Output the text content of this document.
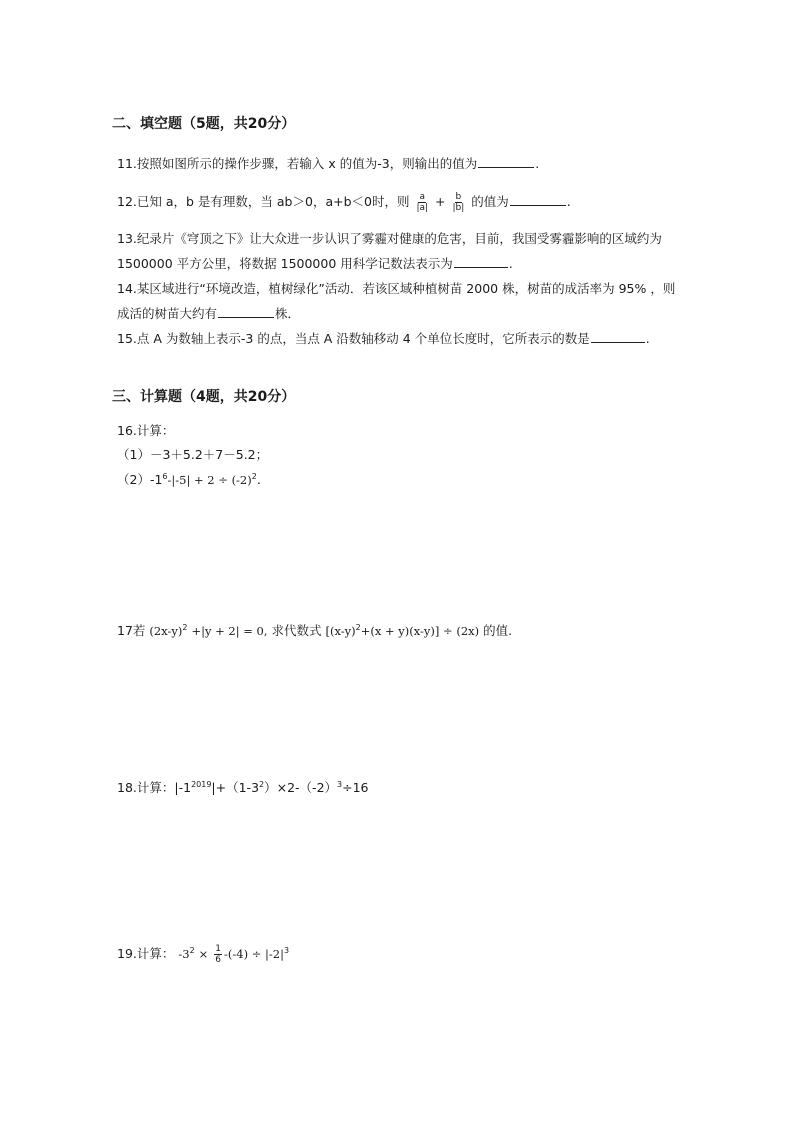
二、填空题（5题，共20分）
11.按照如图所示的操作步骤，若输入 x 的值为-3，则输出的值为	.
12.已知 a，b 是有理数，当 ab＞0，a+b＜0时，则 $\frac{a}{|a|} + \frac{b}{|b|}$ 的值为	.
13.纪录片《穹顶之下》让大众进一步认识了雾霾对健康的危害，目前，我国受雾霾影响的区域约为
1500000 平方公里，将数据 1500000 用科学记数法表示为	.
14.某区域进行“环境改造，植树绿化”活动．若该区域种植树苗 2000 株，树苗的成活率为 95% ，则
成活的树苗大约有	株．
15.点 A 为数轴上表示-3 的点，当点 A 沿数轴移动 4 个单位长度时，它所表示的数是	.
三、计算题（4题，共20分）
16.计算：
（1）－3＋5.2＋7－5.2；
$(2)-1^6-|-5| + 2 \div (-2)^2$.
17若 $(2x-y)^2 +|y + 2| = 0$, 求代数式 $[(x-y)^2+(x + y)(x-y)] \div (2x)$ 的值.
18.计算：$|-1^{2019}|+(1-3^2)\times 2-(-2)^3\div 16$
19.计算： $-3^2 \times \frac{1}{6} -(-4) \div |-2|^3$
